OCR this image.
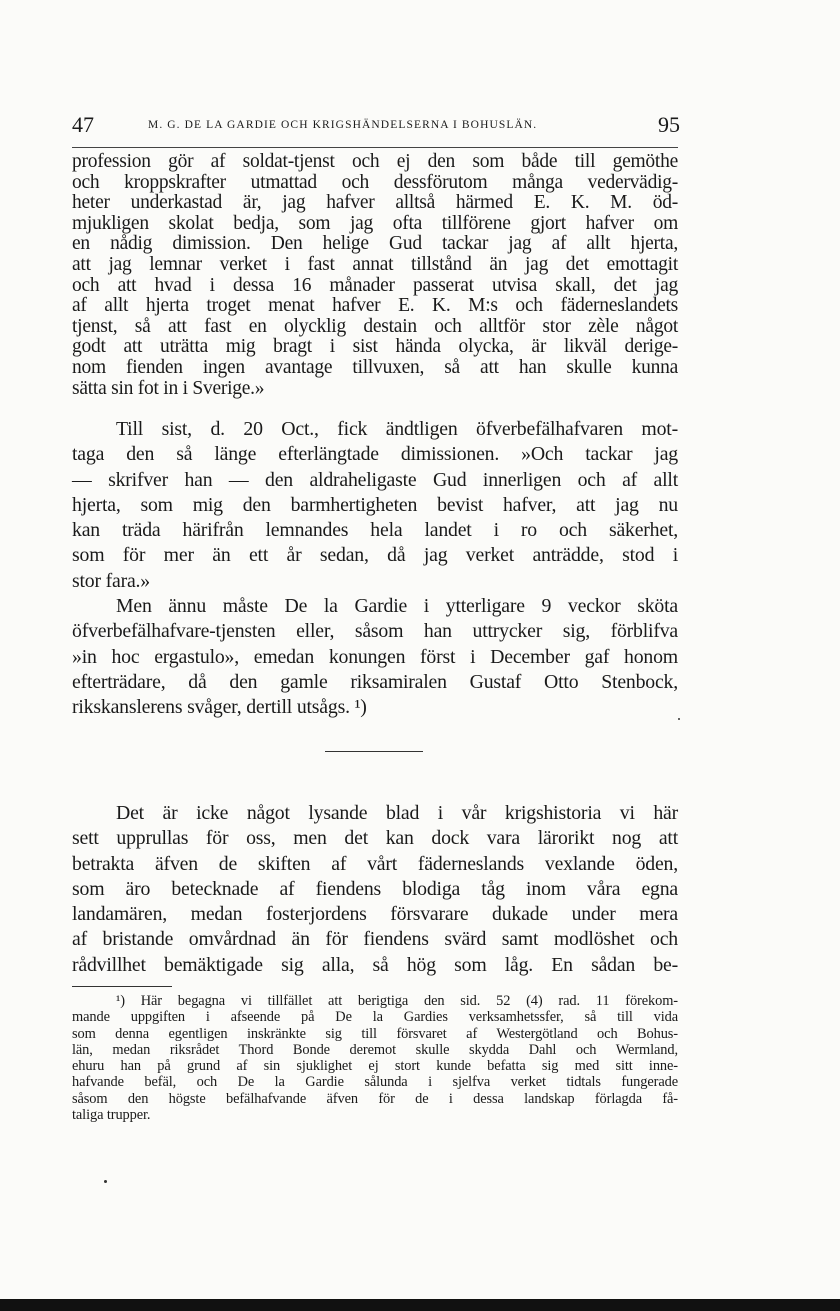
47	M. G. DE LA GARDIE OCH KRIGSHÄNDELSERNA I BOHUSLÄN.	95
profession gör af soldat-tjenst och ej den som både till gemöthe
och kroppskrafter utmattad och dessförutom många vedervädig-
heter underkastad är, jag hafver alltså härmed E. K. M. öd-
mjukligen skolat bedja, som jag ofta tillförene gjort hafver om
en nådig dimission. Den helige Gud tackar jag af allt hjerta,
att jag lemnar verket i fast annat tillstånd än jag det emottagit
och att hvad i dessa 16 månader passerat utvisa skall, det jag
af allt hjerta troget menat hafver E. K. M:s och fäderneslandets
tjenst, så att fast en olycklig destain och alltför stor zèle något
godt att uträtta mig bragt i sist hända olycka, är likväl derige-
nom fienden ingen avantage tillvuxen, så att han skulle kunna
sätta sin fot in i Sverige.»
Till sist, d. 20 Oct., fick ändtligen öfverbefälhafvaren mot-
taga den så länge efterlängtade dimissionen. »Och tackar jag
— skrifver han — den aldraheligaste Gud innerligen och af allt
hjerta, som mig den barmhertigheten bevist hafver, att jag nu
kan träda härifrån lemnandes hela landet i ro och säkerhet,
som för mer än ett år sedan, då jag verket anträdde, stod i
stor fara.»
Men ännu måste De la Gardie i ytterligare 9 veckor sköta
öfverbefälhafvare-tjensten eller, såsom han uttrycker sig, förblifva
»in hoc ergastulo», emedan konungen först i December gaf honom
efterträdare, då den gamle riksamiralen Gustaf Otto Stenbock,
rikskanslerens svåger, dertill utsågs. ¹)
Det är icke något lysande blad i vår krigshistoria vi här
sett upprullas för oss, men det kan dock vara lärorikt nog att
betrakta äfven de skiften af vårt fäderneslands vexlande öden,
som äro betecknade af fiendens blodiga tåg inom våra egna
landamären, medan fosterjordens försvarare dukade under mera
af bristande omvårdnad än för fiendens svärd samt modlöshet och
rådvillhet bemäktigade sig alla, så hög som låg. En sådan be-
¹) Här begagna vi tillfället att berigtiga den sid. 52 (4) rad. 11 förekom-
mande uppgiften i afseende på De la Gardies verksamhetssfer, så till vida
som denna egentligen inskränkte sig till försvaret af Westergötland och Bohus-
län, medan riksrådet Thord Bonde deremot skulle skydda Dahl och Wermland,
ehuru han på grund af sin sjuklighet ej stort kunde befatta sig med sitt inne-
hafvande befäl, och De la Gardie sålunda i sjelfva verket tidtals fungerade
såsom den högste befälhafvande äfven för de i dessa landskap förlagda få-
taliga trupper.
